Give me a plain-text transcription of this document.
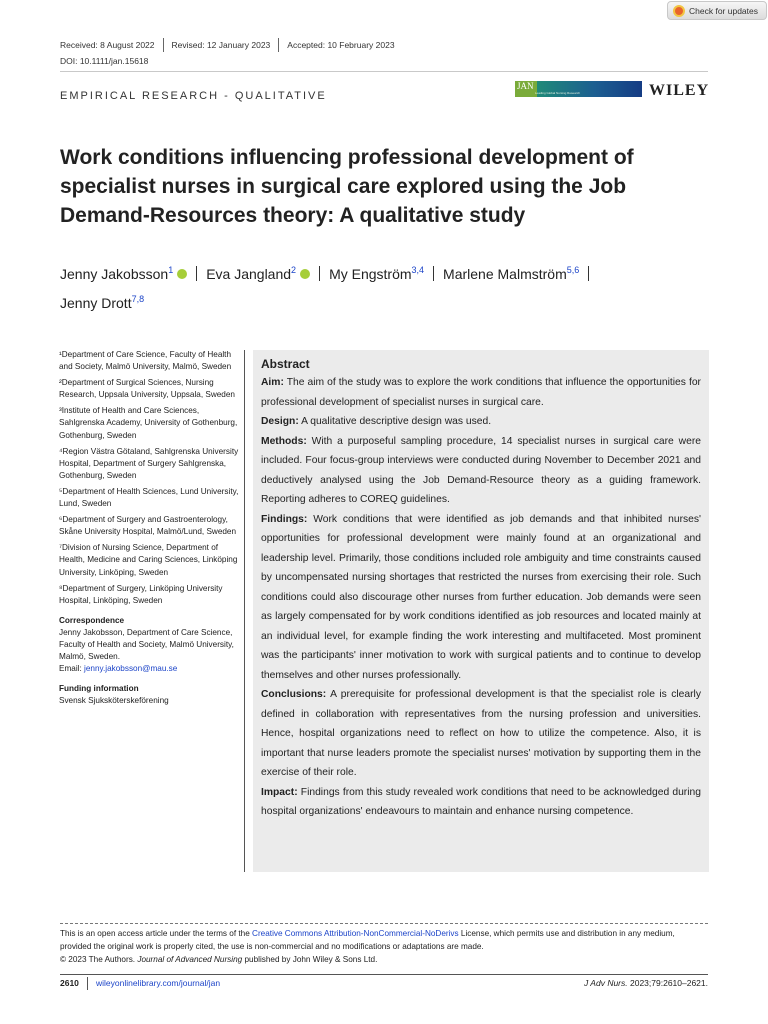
Check for updates
Received: 8 August 2022 Revised: 12 January 2023 Accepted: 10 February 2023
DOI: 10.1111/jan.15618
EMPIRICAL RESEARCH - QUALITATIVE
JAN
Leading Global Nursing Research	WILEY
Work conditions influencing professional development of specialist nurses in surgical care explored using the Job Demand-Resources theory: A qualitative study
Jenny Jakobsson$^1$ Eva Jangland$^2$ My Engström$^{3,4}$ Marlene Malmström$^{5,6}$
Jenny Drott$^{7,8}$
¹Department of Care Science, Faculty of Health and Society, Malmö University, Malmö, Sweden
²Department of Surgical Sciences, Nursing Research, Uppsala University, Uppsala, Sweden
³Institute of Health and Care Sciences, Sahlgrenska Academy, University of Gothenburg, Gothenburg, Sweden
⁴Region Västra Götaland, Sahlgrenska University Hospital, Department of Surgery Sahlgrenska, Gothenburg, Sweden
⁵Department of Health Sciences, Lund University, Lund, Sweden
⁶Department of Surgery and Gastroenterology, Skåne University Hospital, Malmö/Lund, Sweden
⁷Division of Nursing Science, Department of Health, Medicine and Caring Sciences, Linköping University, Linköping, Sweden
⁸Department of Surgery, Linköping University Hospital, Linköping, Sweden
Correspondence
Jenny Jakobsson, Department of Care Science, Faculty of Health and Society, Malmö University, Malmö, Sweden.
Email: jenny.jakobsson@mau.se
Funding information
Svensk Sjuksköterskeförening
Abstract

Aim: The aim of the study was to explore the work conditions that influence the opportunities for professional development of specialist nurses in surgical care.

Design: A qualitative descriptive design was used.

Methods: With a purposeful sampling procedure, 14 specialist nurses in surgical care were included. Four focus-group interviews were conducted during November to December 2021 and deductively analysed using the Job Demand-Resource theory as a guiding framework. Reporting adheres to COREQ guidelines.

Findings: Work conditions that were identified as job demands and that inhibited nurses' opportunities for professional development were mainly found at an organizational and leadership level. Primarily, those conditions included role ambiguity and time constraints caused by uncompensated nursing shortages that restricted the nurses from exercising their role. Such conditions could also discourage other nurses from further education. Job demands were seen as largely compensated for by work conditions identified as job resources and located mainly at an individual level, for example finding the work interesting and multifaceted. Most prominent was the participants' inner motivation to work with surgical patients and to continue to develop themselves and other nurses professionally.

Conclusions: A prerequisite for professional development is that the specialist role is clearly defined in collaboration with representatives from the nursing profession and universities. Hence, hospital organizations need to reflect on how to utilize the competence. Also, it is important that nurse leaders promote the specialist nurses' motivation by supporting them in the exercise of their role.

Impact: Findings from this study revealed work conditions that need to be acknowledged during hospital organizations' endeavours to maintain and enhance nursing competence.

This is an open access article under the terms of the Creative Commons Attribution-NonCommercial-NoDerivs License, which permits use and distribution in any medium, provided the original work is properly cited, the use is non-commercial and no modifications or adaptations are made.
© 2023 The Authors. Journal of Advanced Nursing published by John Wiley & Sons Ltd.
2610 wileyonlinelibrary.com/journal/jan	J Adv Nurs. 2023;79:2610–2621.
